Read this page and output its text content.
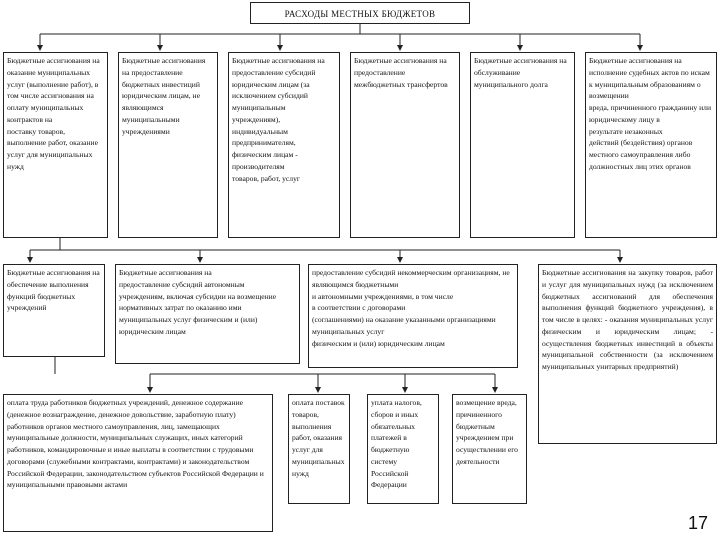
РАСХОДЫ МЕСТНЫХ БЮДЖЕТОВ

Бюджетные ассигнования на оказание муниципальных услуг (выполнение работ), в том числе ассигнования на оплату муниципальных контрактов на

поставку товаров, выполнение работ, оказание услуг для муниципальных нужд

Бюджетные ассигнования на предоставление бюджетных инвестиций юридическим лицам, не являющимся муниципальными учреждениями

Бюджетные ассигнования на предоставление субсидий юридическим лицам (за исключением субсидий муниципальным

учреждениям), индивидуальным предпринимателям,

физическим лицам - производителям

товаров, работ, услуг

Бюджетные ассигнования на предоставление межбюджетных трансфертов

Бюджетные ассигнования на обслуживание муниципального долга

Бюджетные ассигнования на исполнение судебных актов по искам к муниципальным образованиям о возмещении

вреда, причиненного гражданину или юридическому лицу в

результате незаконных

действий (бездействия) органов местного самоуправления либо должностных лиц этих органов

Бюджетные ассигнования на обеспечение выполнения функций бюджетных учреждений

Бюджетные ассигнования на

предоставление субсидий автономным

учреждениям, включая субсидии на возмещение нормативных затрат по оказанию ими муниципальных услуг физическим и (или) юридическим лицам

предоставление субсидий некоммерческим организациям, не являющимся бюджетными

и автономными учреждениями, в том числе

в соответствии с договорами

(соглашениями) на оказание указанными организациями муниципальных услуг

физическим и (или) юридическим лицам

Бюджетные ассигнования на закупку товаров, работ и услуг для муниципальных нужд (за исключением бюджетных ассигнований для обеспечения выполнения функций бюджетного учреждения), в том числе в целях: - оказания муниципальных услуг физическим и юридическим лицам; - осуществления бюджетных инвестиций в объекты муниципальной собственности (за исключением муниципальных унитарных предприятий)

оплата труда работников бюджетных учреждений, денежное содержание (денежное вознаграждение, денежное довольствие, заработную плату) работников органов местного самоуправления, лиц, замещающих муниципальные должности, муниципальных служащих, иных категорий работников, командировочные и иные выплаты в соответствии с трудовыми договорами (служебными контрактами, контрактами) и законодательством Российской Федерации, законодательством субъектов Российской Федерации и муниципальными правовыми актами

оплата поставок товаров, выполнения работ, оказания услуг для муниципальных нужд

уплата налогов, сборов и иных обязательных платежей в бюджетную систему Российской Федерации

возмещение вреда, причиненного бюджетным учреждением при осуществлении его деятельности

17
